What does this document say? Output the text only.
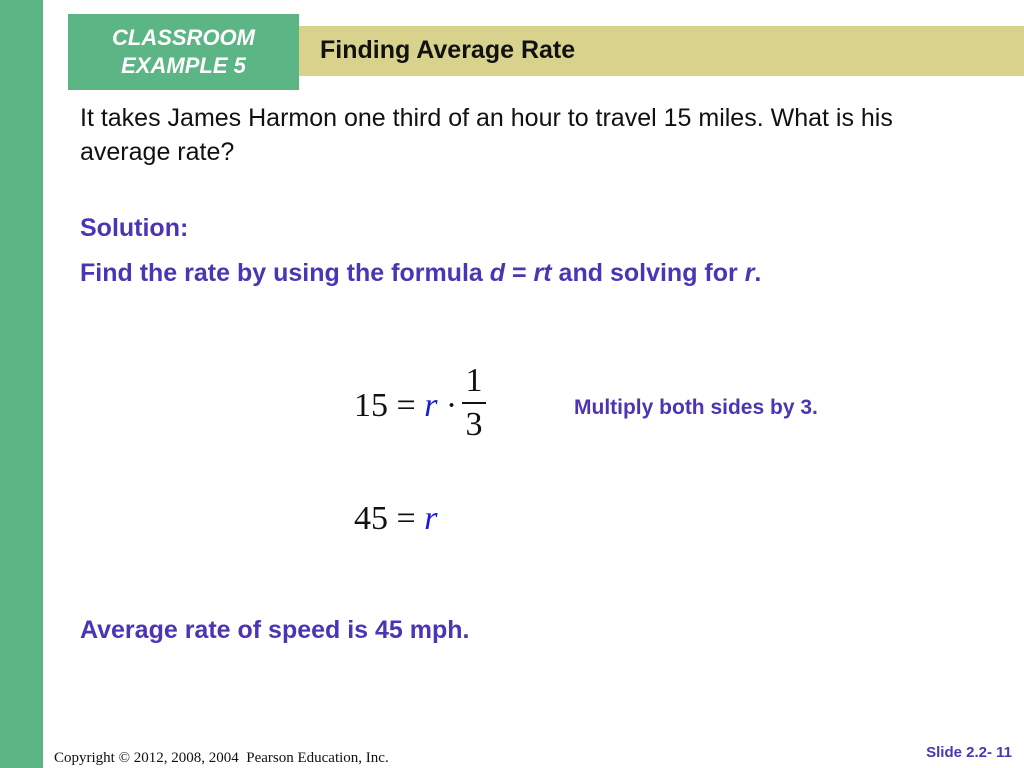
CLASSROOM
EXAMPLE 5
Finding Average Rate
It takes James Harmon one third of an hour to travel 15 miles. What is his average rate?
Solution:
Find the rate by using the formula d = rt and solving for r.
15 = r ·
1
3	Multiply both sides by 3.
45 = r
Average rate of speed is 45 mph.
Copyright © 2012, 2008, 2004  Pearson Education, Inc.	Slide 2.2- 11
